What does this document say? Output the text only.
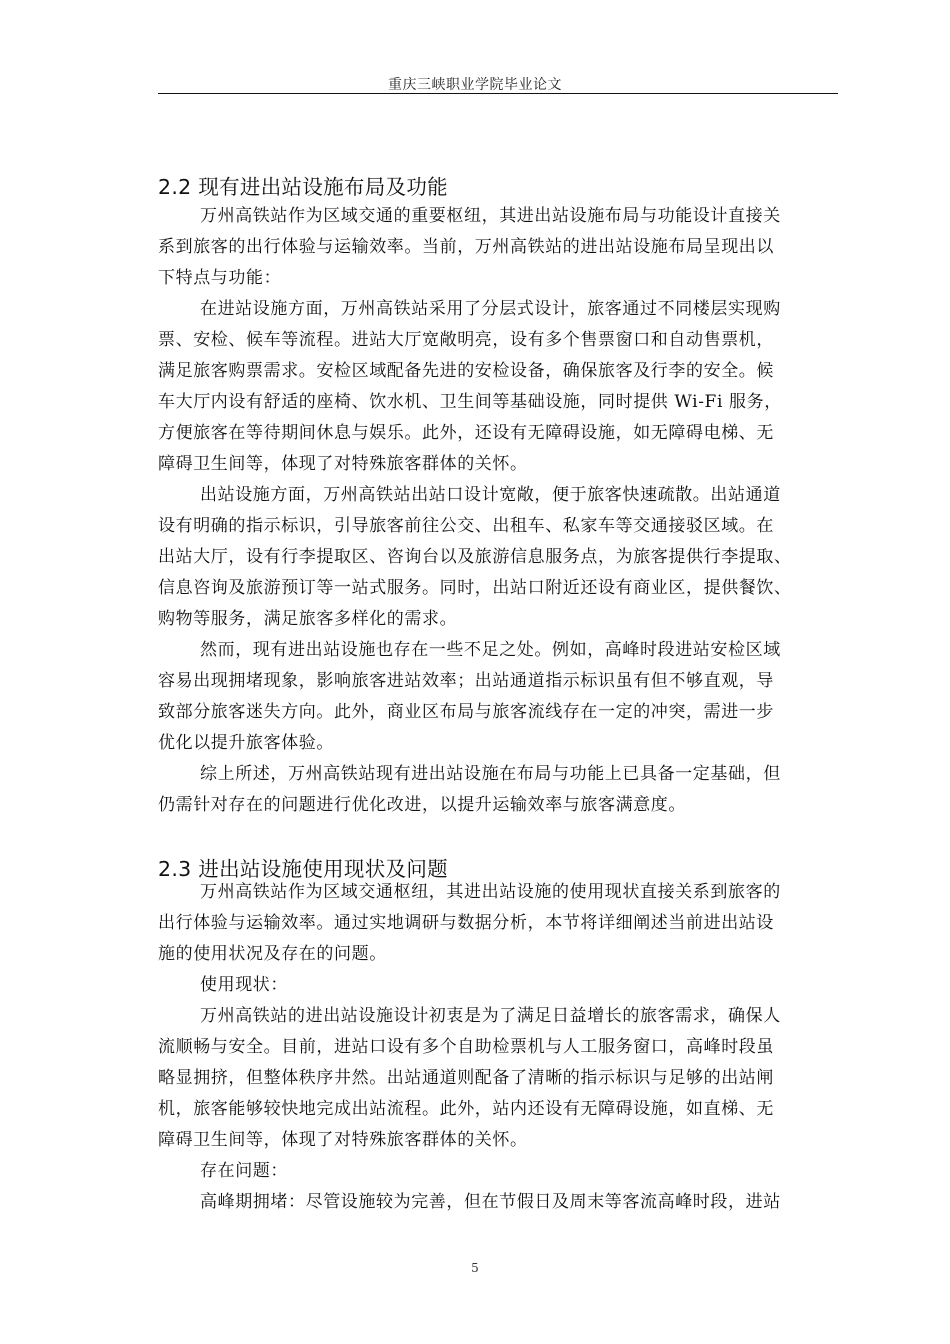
重庆三峡职业学院毕业论文
2.2 现有进出站设施布局及功能
万州高铁站作为区域交通的重要枢纽，其进出站设施布局与功能设计直接关
系到旅客的出行体验与运输效率。当前，万州高铁站的进出站设施布局呈现出以
下特点与功能：
在进站设施方面，万州高铁站采用了分层式设计，旅客通过不同楼层实现购
票、安检、候车等流程。进站大厅宽敞明亮，设有多个售票窗口和自动售票机，
满足旅客购票需求。安检区域配备先进的安检设备，确保旅客及行李的安全。候
车大厅内设有舒适的座椅、饮水机、卫生间等基础设施，同时提供 Wi-Fi 服务，
方便旅客在等待期间休息与娱乐。此外，还设有无障碍设施，如无障碍电梯、无
障碍卫生间等，体现了对特殊旅客群体的关怀。
出站设施方面，万州高铁站出站口设计宽敞，便于旅客快速疏散。出站通道
设有明确的指示标识，引导旅客前往公交、出租车、私家车等交通接驳区域。在
出站大厅，设有行李提取区、咨询台以及旅游信息服务点，为旅客提供行李提取、
信息咨询及旅游预订等一站式服务。同时，出站口附近还设有商业区，提供餐饮、
购物等服务，满足旅客多样化的需求。
然而，现有进出站设施也存在一些不足之处。例如，高峰时段进站安检区域
容易出现拥堵现象，影响旅客进站效率；出站通道指示标识虽有但不够直观，导
致部分旅客迷失方向。此外，商业区布局与旅客流线存在一定的冲突，需进一步
优化以提升旅客体验。
综上所述，万州高铁站现有进出站设施在布局与功能上已具备一定基础，但
仍需针对存在的问题进行优化改进，以提升运输效率与旅客满意度。
2.3 进出站设施使用现状及问题
万州高铁站作为区域交通枢纽，其进出站设施的使用现状直接关系到旅客的
出行体验与运输效率。通过实地调研与数据分析，本节将详细阐述当前进出站设
施的使用状况及存在的问题。
使用现状：
万州高铁站的进出站设施设计初衷是为了满足日益增长的旅客需求，确保人
流顺畅与安全。目前，进站口设有多个自助检票机与人工服务窗口，高峰时段虽
略显拥挤，但整体秩序井然。出站通道则配备了清晰的指示标识与足够的出站闸
机，旅客能够较快地完成出站流程。此外，站内还设有无障碍设施，如直梯、无
障碍卫生间等，体现了对特殊旅客群体的关怀。
存在问题：
高峰期拥堵：尽管设施较为完善，但在节假日及周末等客流高峰时段，进站
5
